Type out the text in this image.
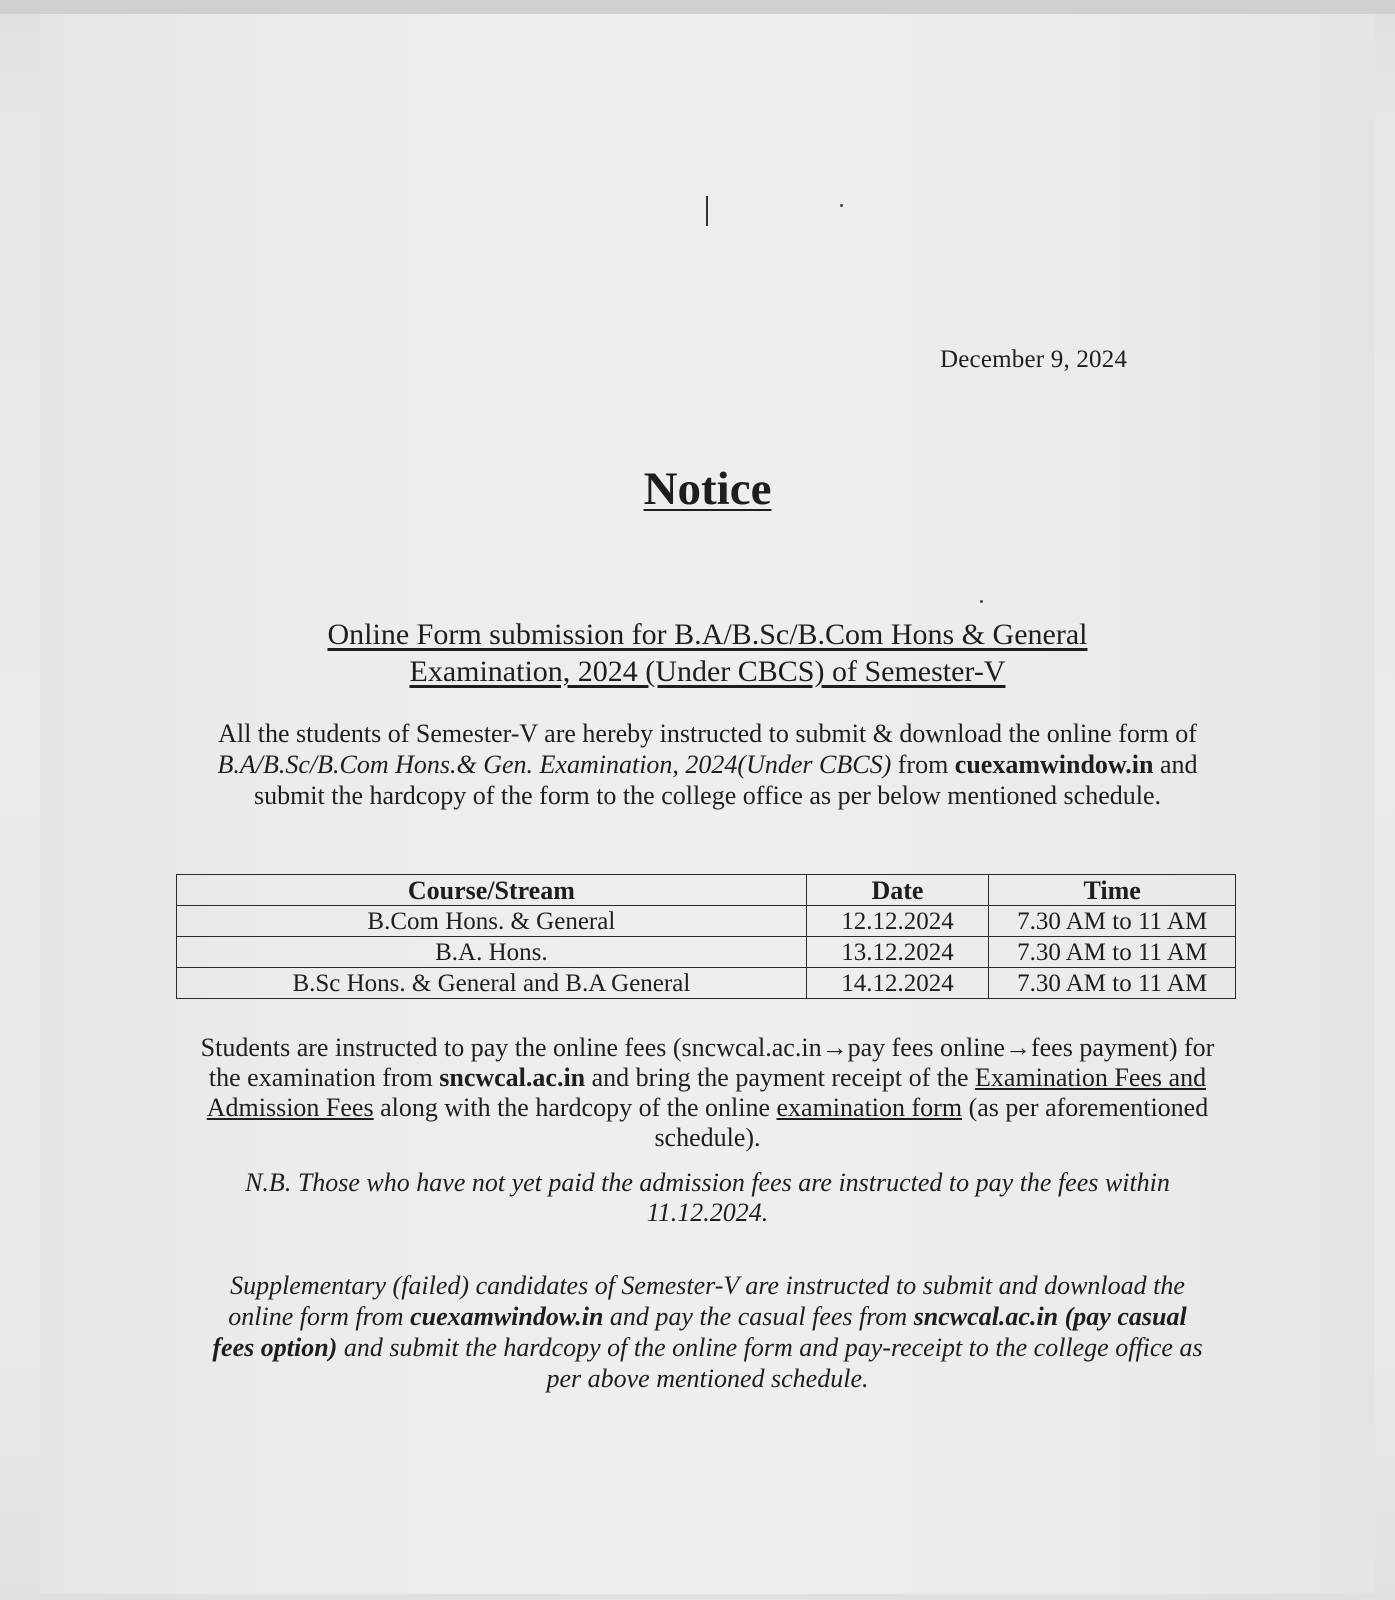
December 9, 2024
Notice
Online Form submission for B.A/B.Sc/B.Com Hons & General
Examination, 2024 (Under CBCS) of Semester-V
All the students of Semester-V are hereby instructed to submit & download the online form of B.A/B.Sc/B.Com Hons.& Gen. Examination, 2024(Under CBCS) from cuexamwindow.in and submit the hardcopy of the form to the college office as per below mentioned schedule.
Course/Stream	Date	Time
B.Com Hons. & General	12.12.2024	7.30 AM to 11 AM
B.A. Hons.	13.12.2024	7.30 AM to 11 AM
B.Sc Hons. & General and B.A General	14.12.2024	7.30 AM to 11 AM
Students are instructed to pay the online fees (sncwcal.ac.in→pay fees online→fees payment) for the examination from sncwcal.ac.in and bring the payment receipt of the Examination Fees and Admission Fees along with the hardcopy of the online examination form (as per aforementioned schedule).
N.B. Those who have not yet paid the admission fees are instructed to pay the fees within 11.12.2024.
Supplementary (failed) candidates of Semester-V are instructed to submit and download the online form from cuexamwindow.in and pay the casual fees from sncwcal.ac.in (pay casual fees option) and submit the hardcopy of the online form and pay-receipt to the college office as per above mentioned schedule.
